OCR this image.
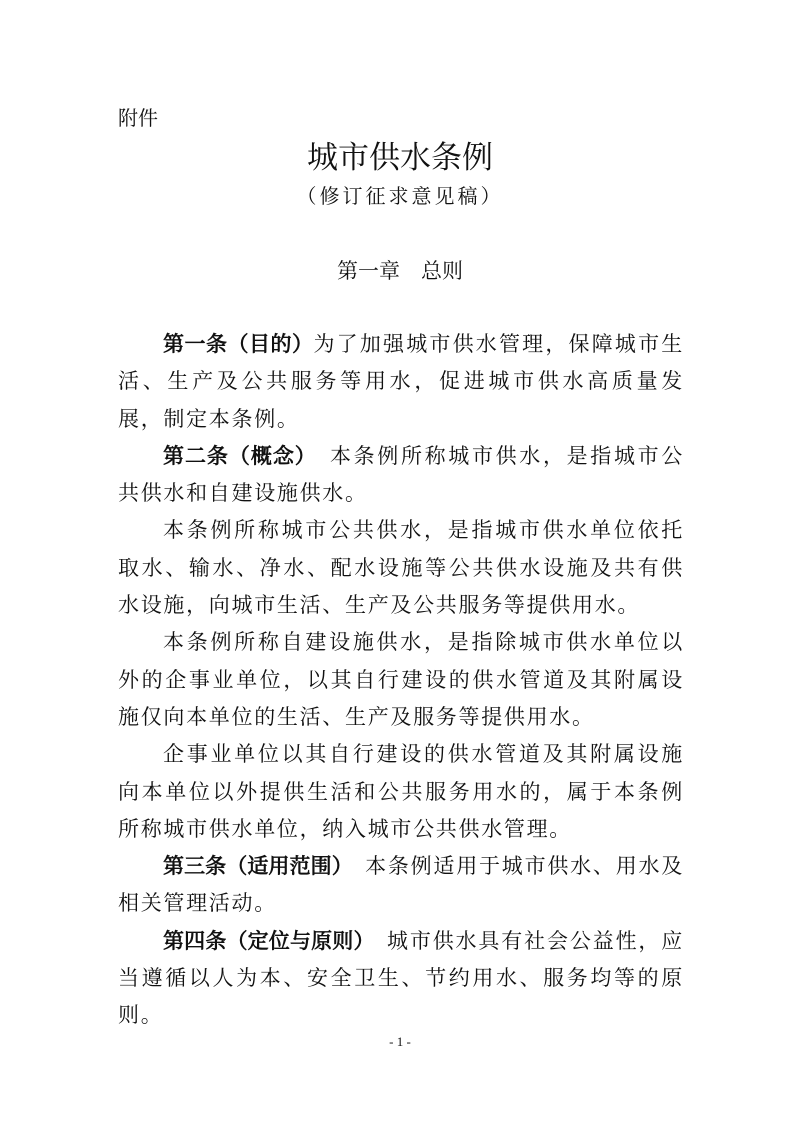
附件
城市供水条例
（修订征求意见稿）
第一章　总则

第一条（目的）为了加强城市供水管理，保障城市生活、生产及公共服务等用水，促进城市供水高质量发展，制定本条例。

第二条（概念）  本条例所称城市供水，是指城市公共供水和自建设施供水。

本条例所称城市公共供水，是指城市供水单位依托取水、输水、净水、配水设施等公共供水设施及共有供水设施，向城市生活、生产及公共服务等提供用水。

本条例所称自建设施供水，是指除城市供水单位以外的企事业单位，以其自行建设的供水管道及其附属设施仅向本单位的生活、生产及服务等提供用水。

企事业单位以其自行建设的供水管道及其附属设施向本单位以外提供生活和公共服务用水的，属于本条例所称城市供水单位，纳入城市公共供水管理。

第三条（适用范围）  本条例适用于城市供水、用水及相关管理活动。

第四条（定位与原则）  城市供水具有社会公益性，应当遵循以人为本、安全卫生、节约用水、服务均等的原则。

- 1 -
